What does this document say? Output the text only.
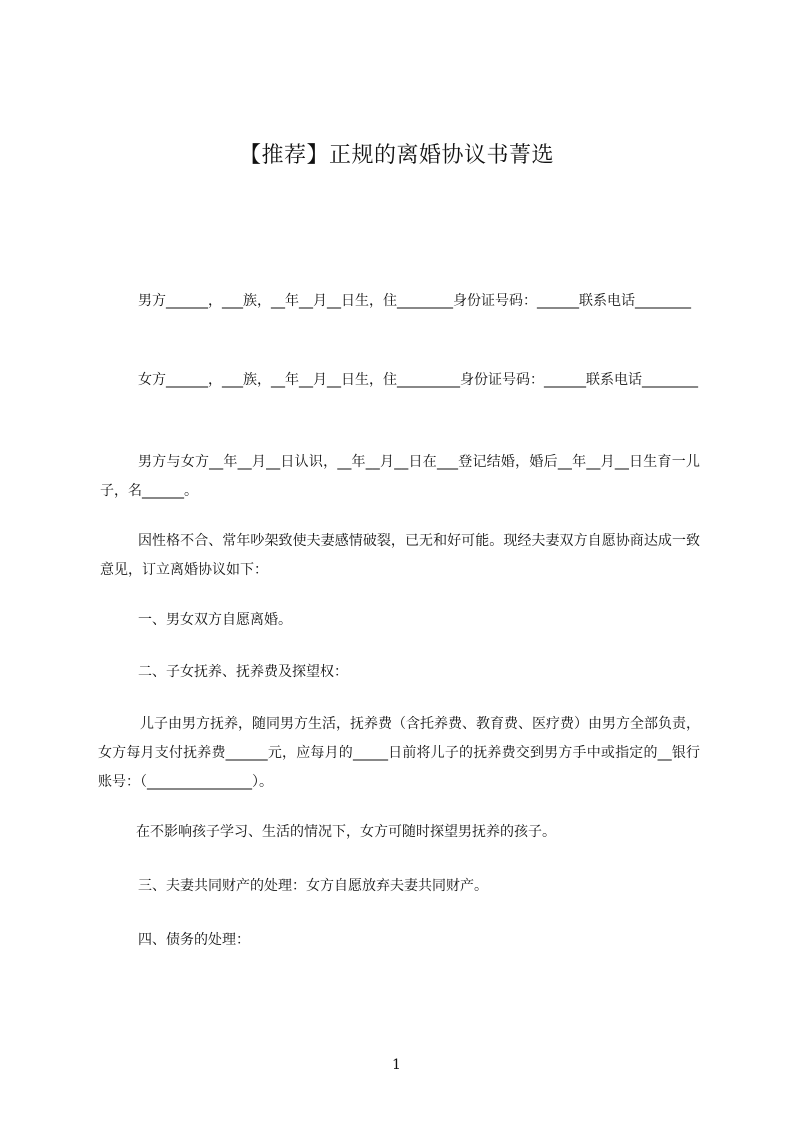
【推荐】正规的离婚协议书菁选

男方______，___族，__年__月__日生，住________身份证号码：______联系电话________

女方______，___族，__年__月__日生，住_________身份证号码：______联系电话________

男方与女方__年__月__日认识，__年__月__日在___登记结婚，婚后__年__月__日生育一儿子，名______。

因性格不合、常年吵架致使夫妻感情破裂，已无和好可能。现经夫妻双方自愿协商达成一致意见，订立离婚协议如下：

一、男女双方自愿离婚。

二、子女抚养、抚养费及探望权：

儿子由男方抚养，随同男方生活，抚养费（含托养费、教育费、医疗费）由男方全部负责，女方每月支付抚养费______元，应每月的_____日前将儿子的抚养费交到男方手中或指定的__银行账号：（_______________）。

在不影响孩子学习、生活的情况下，女方可随时探望男抚养的孩子。

三、夫妻共同财产的处理：女方自愿放弃夫妻共同财产。

四、债务的处理：

1
